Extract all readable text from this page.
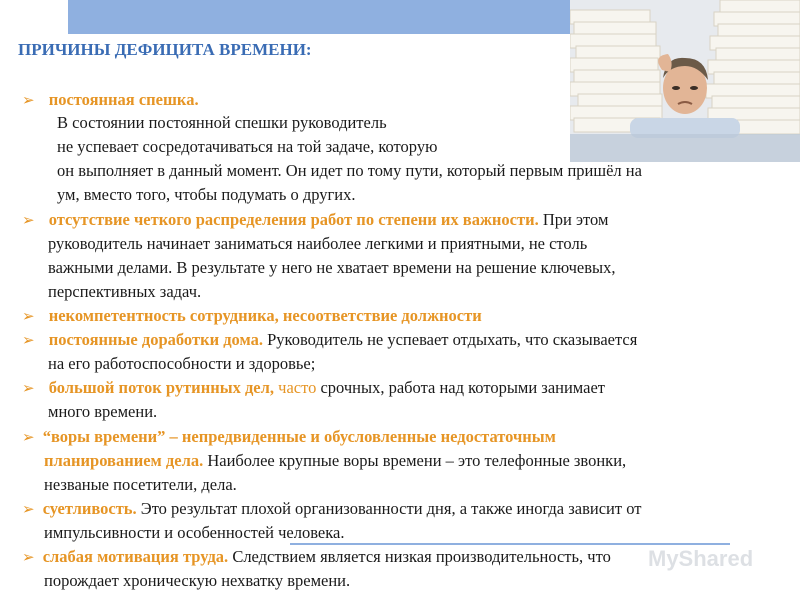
ПРИЧИНЫ ДЕФИЦИТА ВРЕМЕНИ:
➢ постоянная спешка.
В состоянии постоянной спешки руководитель
не успевает сосредотачиваться на той задаче, которую
он выполняет в данный момент. Он идет по тому пути, который первым пришёл на
ум, вместо того, чтобы подумать о других.
➢ отсутствие четкого распределения работ по степени их важности. При этом
руководитель начинает заниматься наиболее легкими и приятными, не столь
важными делами. В результате у него не хватает времени на решение ключевых,
перспективных задач.
➢ некомпетентность сотрудника, несоответствие должности
➢ постоянные доработки дома. Руководитель не успевает отдыхать, что сказывается
на его работоспособности и здоровье;
➢ большой поток рутинных дел, часто срочных, работа над которыми занимает
много времени.
➢ “воры времени” – непредвиденные и обусловленные недостаточным
планированием дела. Наиболее крупные воры времени – это телефонные звонки,
незваные посетители, дела.
➢ суетливость. Это результат плохой организованности дня, а также иногда зависит от
импульсивности и особенностей человека.
MyShared
➢ слабая мотивация труда. Следствием является низкая производительность, что
порождает хроническую нехватку времени.
